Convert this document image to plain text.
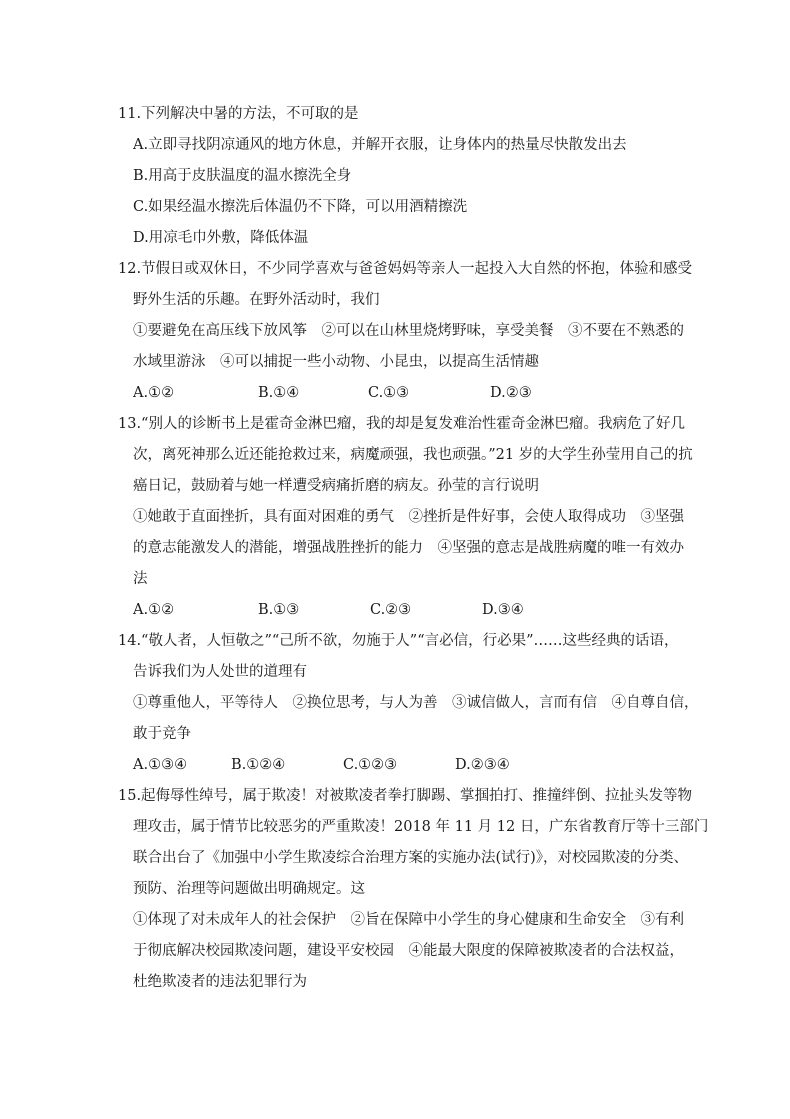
11.下列解决中暑的方法，不可取的是
A.立即寻找阴凉通风的地方休息，并解开衣服，让身体内的热量尽快散发出去
B.用高于皮肤温度的温水擦洗全身
C.如果经温水擦洗后体温仍不下降，可以用酒精擦洗
D.用凉毛巾外敷，降低体温
12.节假日或双休日，不少同学喜欢与爸爸妈妈等亲人一起投入大自然的怀抱，体验和感受
野外生活的乐趣。在野外活动时，我们
①要避免在高压线下放风筝　②可以在山林里烧烤野味，享受美餐　③不要在不熟悉的
水域里游泳　④可以捕捉一些小动物、小昆虫，以提高生活情趣
A.①②	B.①④	C.①③	D.②③
13.“别人的诊断书上是霍奇金淋巴瘤，我的却是复发难治性霍奇金淋巴瘤。我病危了好几
次，离死神那么近还能抢救过来，病魔顽强，我也顽强。”21 岁的大学生孙莹用自己的抗
癌日记，鼓励着与她一样遭受病痛折磨的病友。孙莹的言行说明
①她敢于直面挫折，具有面对困难的勇气　②挫折是件好事，会使人取得成功　③坚强
的意志能激发人的潜能，增强战胜挫折的能力　④坚强的意志是战胜病魔的唯一有效办
法
A.①②	B.①③	C.②③	D.③④
14.“敬人者，人恒敬之”“己所不欲，勿施于人”“言必信，行必果”……这些经典的话语，
告诉我们为人处世的道理有
①尊重他人，平等待人　②换位思考，与人为善　③诚信做人，言而有信　④自尊自信，
敢于竞争
A.①③④	B.①②④	C.①②③	D.②③④
15.起侮辱性绰号，属于欺凌！对被欺凌者拳打脚踢、掌掴拍打、推撞绊倒、拉扯头发等物
理攻击，属于情节比较恶劣的严重欺凌！2018 年 11 月 12 日，广东省教育厅等十三部门
联合出台了《加强中小学生欺凌综合治理方案的实施办法(试行)》，对校园欺凌的分类、
预防、治理等问题做出明确规定。这
①体现了对未成年人的社会保护　②旨在保障中小学生的身心健康和生命安全　③有利
于彻底解决校园欺凌问题，建设平安校园　④能最大限度的保障被欺凌者的合法权益，
杜绝欺凌者的违法犯罪行为
